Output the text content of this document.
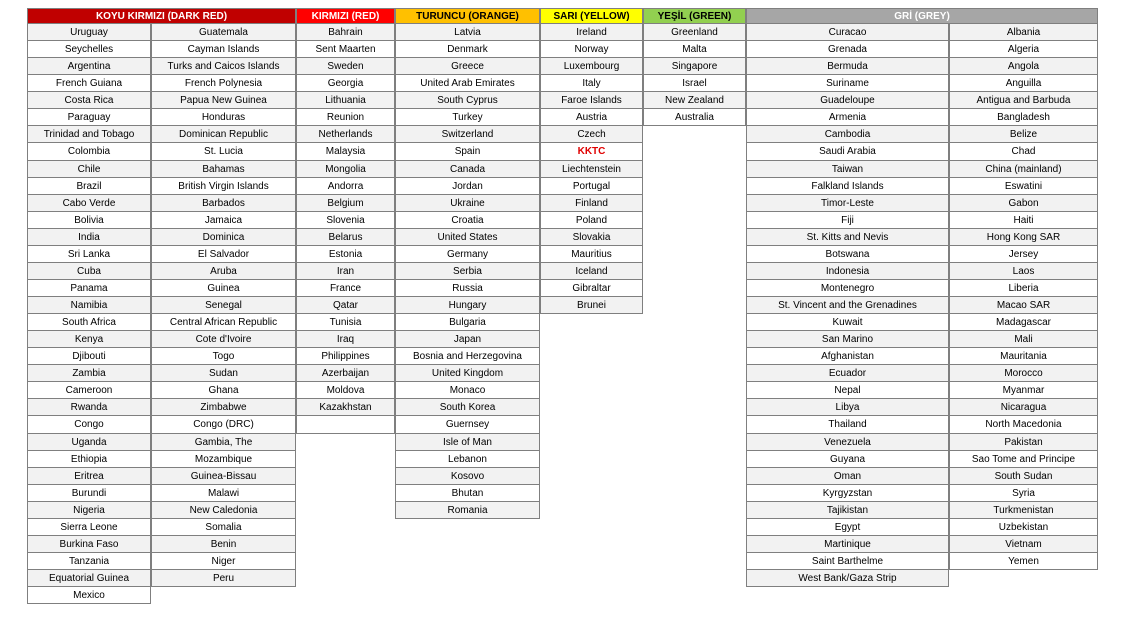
KOYU KIRMIZI (DARK RED)
Uruguay
Seychelles
Argentina
French Guiana
Costa Rica
Paraguay
Trinidad and Tobago
Colombia
Chile
Brazil
Cabo Verde
Bolivia
India
Sri Lanka
Cuba
Panama
Namibia
South Africa
Kenya
Djibouti
Zambia
Cameroon
Rwanda
Congo
Uganda
Ethiopia
Eritrea
Burundi
Nigeria
Sierra Leone
Burkina Faso
Tanzania
Equatorial Guinea
Mexico
Guatemala
Cayman Islands
Turks and Caicos Islands
French Polynesia
Papua New Guinea
Honduras
Dominican Republic
St. Lucia
Bahamas
British Virgin Islands
Barbados
Jamaica
Dominica
El Salvador
Aruba
Guinea
Senegal
Central African Republic
Cote d'Ivoire
Togo
Sudan
Ghana
Zimbabwe
Congo (DRC)
Gambia, The
Mozambique
Guinea-Bissau
Malawi
New Caledonia
Somalia
Benin
Niger
Peru
KIRMIZI (RED)
Bahrain
Sent Maarten
Sweden
Georgia
Lithuania
Reunion
Netherlands
Malaysia
Mongolia
Andorra
Belgium
Slovenia
Belarus
Estonia
Iran
France
Qatar
Tunisia
Iraq
Philippines
Azerbaijan
Moldova
Kazakhstan
TURUNCU (ORANGE)
Latvia
Denmark
Greece
United Arab Emirates
South Cyprus
Turkey
Switzerland
Spain
Canada
Jordan
Ukraine
Croatia
United States
Germany
Serbia
Russia
Hungary
Bulgaria
Japan
Bosnia and Herzegovina
United Kingdom
Monaco
South Korea
Guernsey
Isle of Man
Lebanon
Kosovo
Bhutan
Romania
SARI (YELLOW)
Ireland
Norway
Luxembourg
Italy
Faroe Islands
Austria
Czech
KKTC
Liechtenstein
Portugal
Finland
Poland
Slovakia
Mauritius
Iceland
Gibraltar
Brunei
YEŞİL (GREEN)
Greenland
Malta
Singapore
Israel
New Zealand
Australia
GRİ (GREY)
Curacao
Grenada
Bermuda
Suriname
Guadeloupe
Armenia
Cambodia
Saudi Arabia
Taiwan
Falkland Islands
Timor-Leste
Fiji
St. Kitts and Nevis
Botswana
Indonesia
Montenegro
St. Vincent and the Grenadines
Kuwait
San Marino
Afghanistan
Ecuador
Nepal
Libya
Thailand
Venezuela
Guyana
Oman
Kyrgyzstan
Tajikistan
Egypt
Martinique
Saint Barthelme
West Bank/Gaza Strip
Albania
Algeria
Angola
Anguilla
Antigua and Barbuda
Bangladesh
Belize
Chad
China (mainland)
Eswatini
Gabon
Haiti
Hong Kong SAR
Jersey
Laos
Liberia
Macao SAR
Madagascar
Mali
Mauritania
Morocco
Myanmar
Nicaragua
North Macedonia
Pakistan
Sao Tome and Principe
South Sudan
Syria
Turkmenistan
Uzbekistan
Vietnam
Yemen
